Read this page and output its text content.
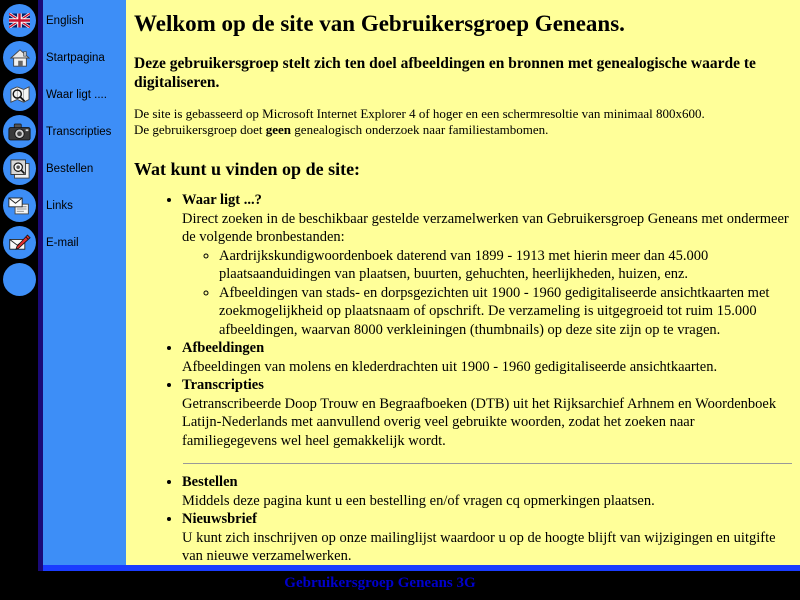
English
Startpagina
Waar ligt ....
Transcripties
Bestellen
Links
E-mail
Welkom op de site van Gebruikersgroep Geneans.

Deze gebruikersgroep stelt zich ten doel afbeeldingen en bronnen met genealogische waarde te digitaliseren.

De site is gebasseerd op Microsoft Internet Explorer 4 of hoger en een schermresoltie van minimaal 800x600.
De gebruikersgroep doet geen genealogisch onderzoek naar familiestambomen.

Wat kunt u vinden op de site:
• Waar ligt ...?
Direct zoeken in de beschikbaar gestelde verzamelwerken van Gebruikersgroep Geneans met ondermeer de volgende bronbestanden:
◦ Aardrijkskundigwoordenboek daterend van 1899 - 1913 met hierin meer dan 45.000 plaatsaanduidingen van plaatsen, buurten, gehuchten, heerlijkheden, huizen, enz.
◦ Afbeeldingen van stads- en dorpsgezichten uit 1900 - 1960 gedigitaliseerde ansichtkaarten met zoekmogelijkheid op plaatsnaam of opschrift. De verzameling is uitgegroeid tot ruim 15.000 afbeeldingen, waarvan 8000 verkleiningen (thumbnails) op deze site zijn op te vragen.
• Afbeeldingen
Afbeeldingen van molens en klederdrachten uit 1900 - 1960 gedigitaliseerde ansichtkaarten.
• Transcripties
Getranscribeerde Doop Trouw en Begraafboeken (DTB) uit het Rijksarchief Arhnem en Woordenboek Latijn-Nederlands met aanvullend overig veel gebruikte woorden, zodat het zoeken naar familiegegevens wel heel gemakkelijk wordt.
• Bestellen
Middels deze pagina kunt u een bestelling en/of vragen cq opmerkingen plaatsen.
• Nieuwsbrief
U kunt zich inschrijven op onze mailinglijst waardoor u op de hoogte blijft van wijzigingen en uitgifte van nieuwe verzamelwerken.
Gebruikersgroep Geneans 3G
